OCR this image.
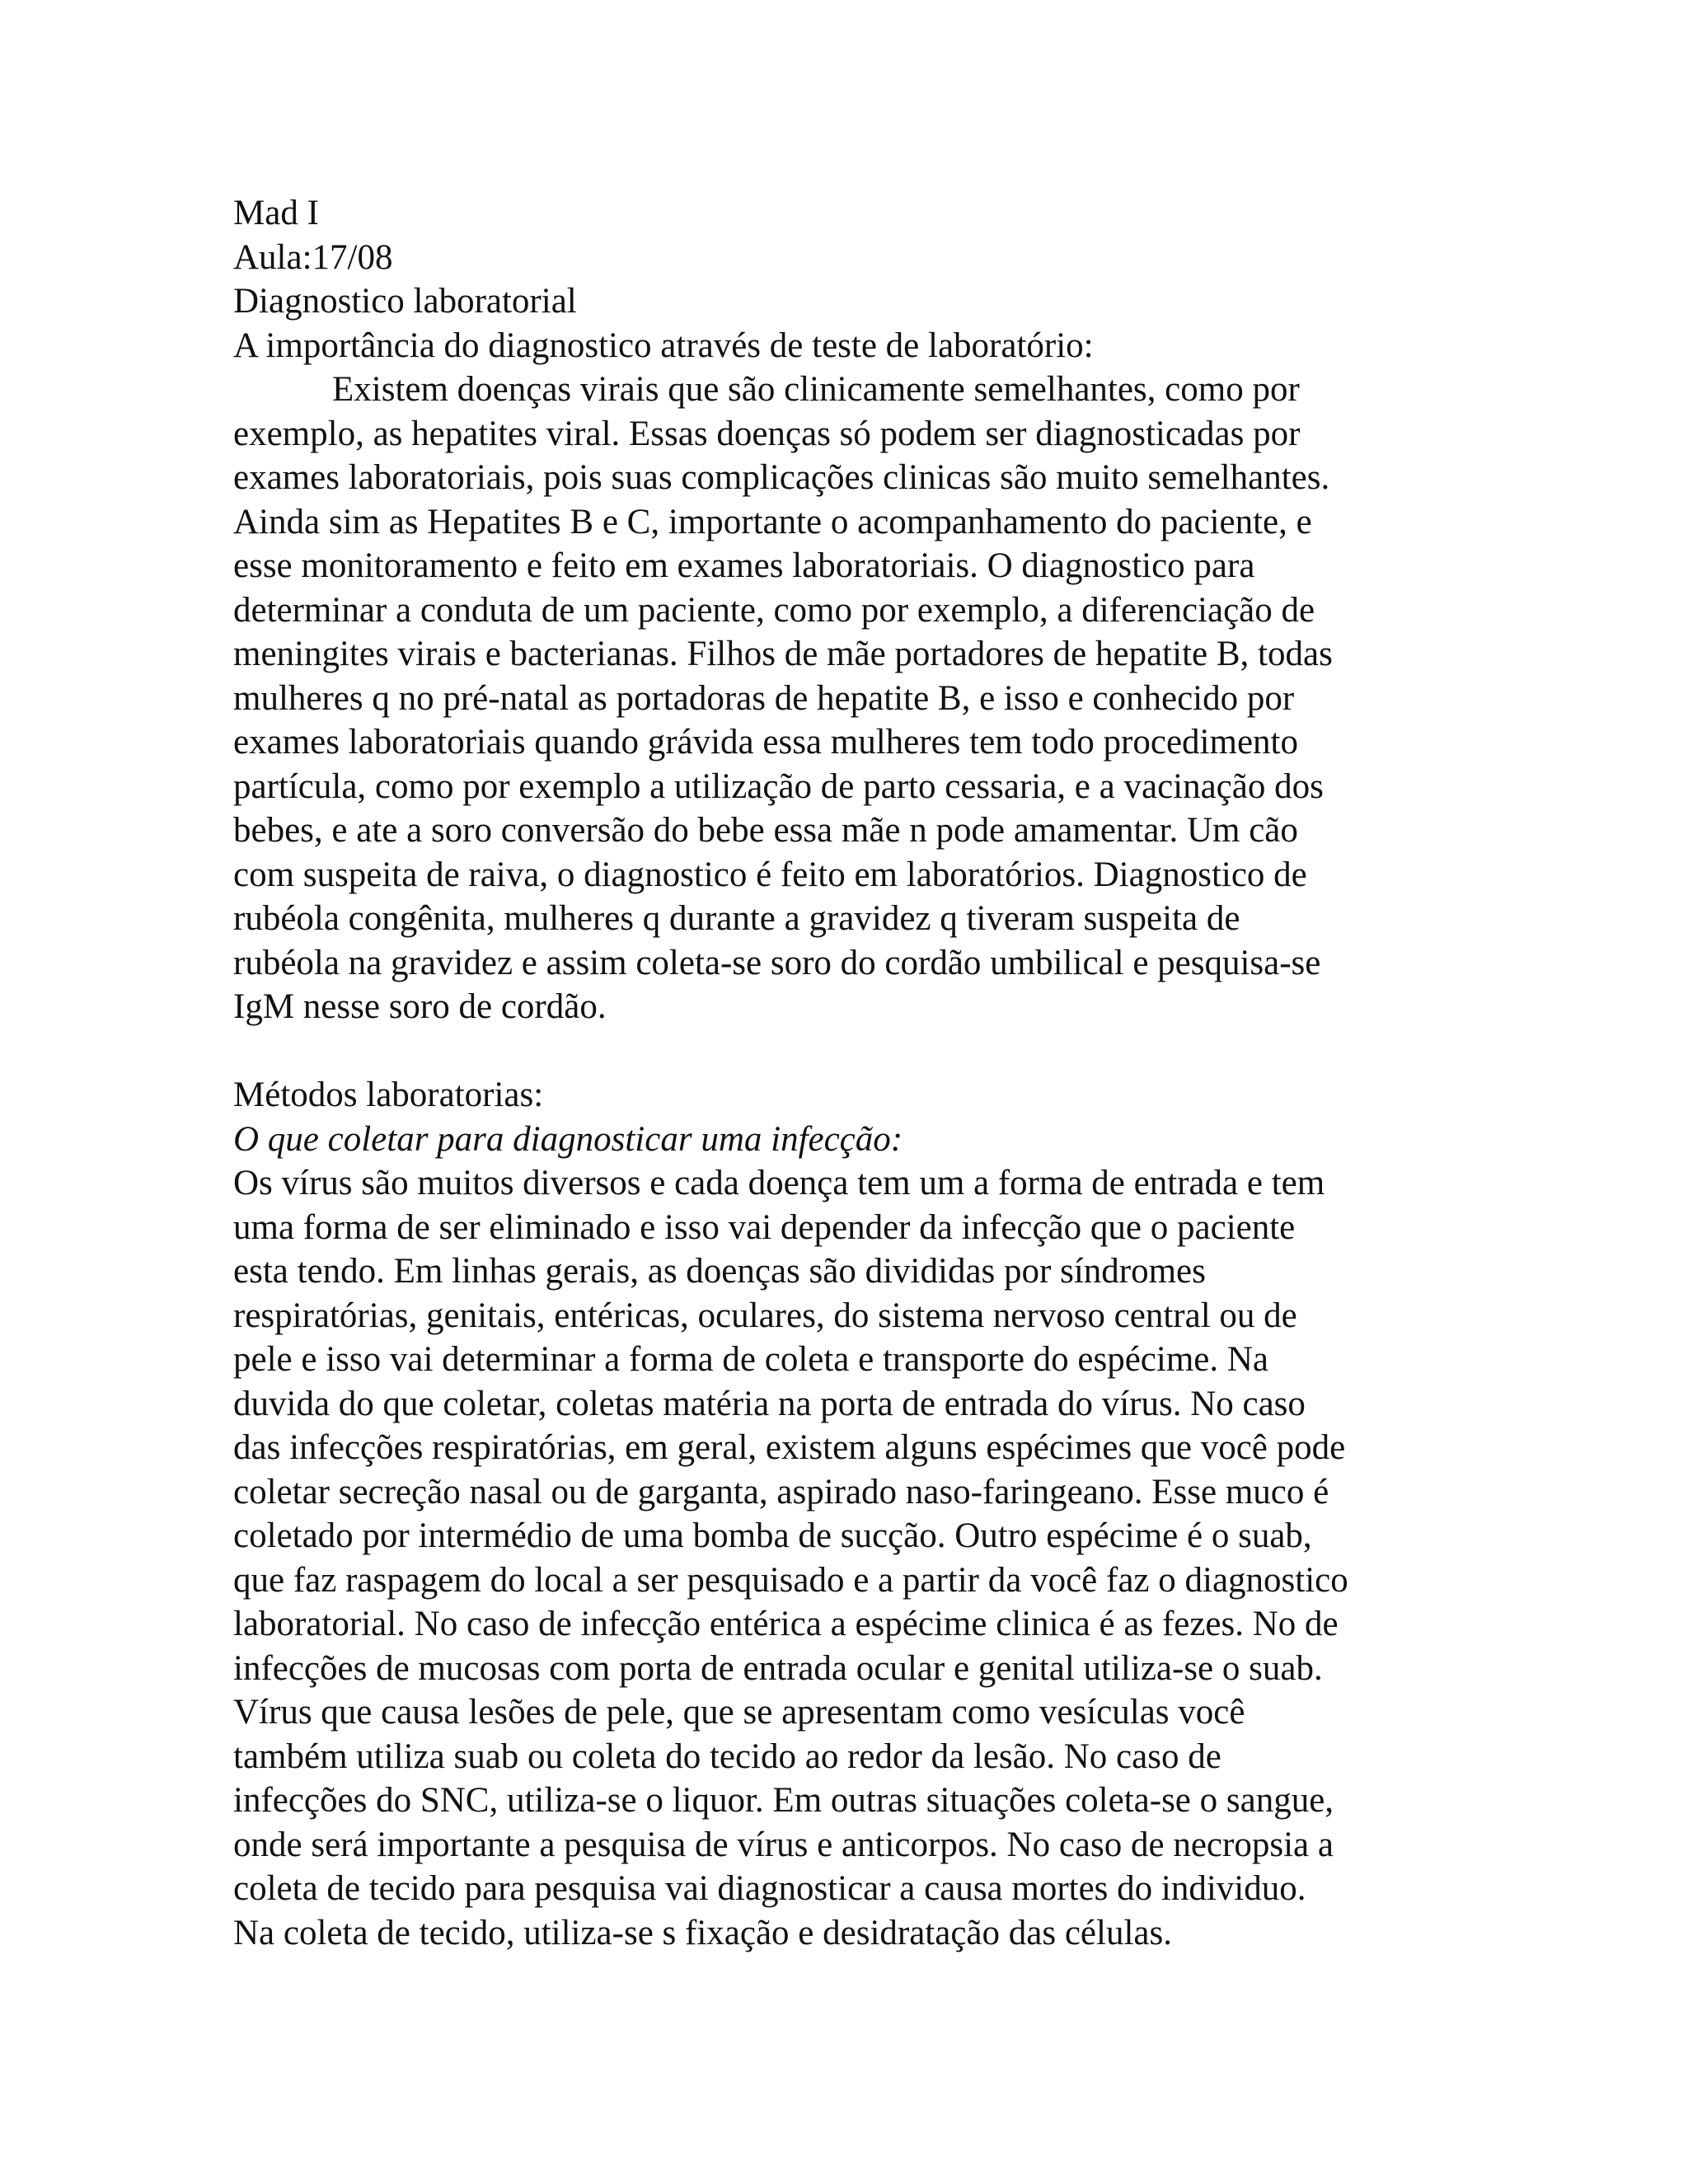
Mad I
Aula:17/08
Diagnostico laboratorial
A importância do diagnostico através de teste de laboratório:
Existem doenças virais que são clinicamente semelhantes, como por
exemplo, as hepatites viral. Essas doenças só podem ser diagnosticadas por
exames laboratoriais, pois suas complicações clinicas são muito semelhantes.
Ainda sim as Hepatites B e C, importante o acompanhamento do paciente, e
esse monitoramento e feito em exames laboratoriais. O diagnostico para
determinar a conduta de um paciente, como por exemplo, a diferenciação de
meningites virais e bacterianas. Filhos de mãe portadores de hepatite B, todas
mulheres q no pré-natal as portadoras de hepatite B, e isso e conhecido por
exames laboratoriais quando grávida essa mulheres tem todo procedimento
partícula, como por exemplo a utilização de parto cessaria, e a vacinação dos
bebes, e ate a soro conversão do bebe essa mãe n pode amamentar. Um cão
com suspeita de raiva, o diagnostico é feito em laboratórios. Diagnostico de
rubéola congênita, mulheres q durante a gravidez q tiveram suspeita de
rubéola na gravidez e assim coleta-se soro do cordão umbilical e pesquisa-se
IgM nesse soro de cordão.
Métodos laboratorias:
O que coletar para diagnosticar uma infecção:
Os vírus são muitos diversos e cada doença tem um a forma de entrada e tem
uma forma de ser eliminado e isso vai depender da infecção que o paciente
esta tendo. Em linhas gerais, as doenças são divididas por síndromes
respiratórias, genitais, entéricas, oculares, do sistema nervoso central ou de
pele e isso vai determinar a forma de coleta e transporte do espécime. Na
duvida do que coletar, coletas matéria na porta de entrada do vírus. No caso
das infecções respiratórias, em geral, existem alguns espécimes que você pode
coletar secreção nasal ou de garganta, aspirado naso-faringeano. Esse muco é
coletado por intermédio de uma bomba de sucção. Outro espécime é o suab,
que faz raspagem do local a ser pesquisado e a partir da você faz o diagnostico
laboratorial. No caso de infecção entérica a espécime clinica é as fezes. No de
infecções de mucosas com porta de entrada ocular e genital utiliza-se o suab.
Vírus que causa lesões de pele, que se apresentam como vesículas você
também utiliza suab ou coleta do tecido ao redor da lesão. No caso de
infecções do SNC, utiliza-se o liquor. Em outras situações coleta-se o sangue,
onde será importante a pesquisa de vírus e anticorpos. No caso de necropsia a
coleta de tecido para pesquisa vai diagnosticar a causa mortes do individuo.
Na coleta de tecido, utiliza-se s fixação e desidratação das células.
